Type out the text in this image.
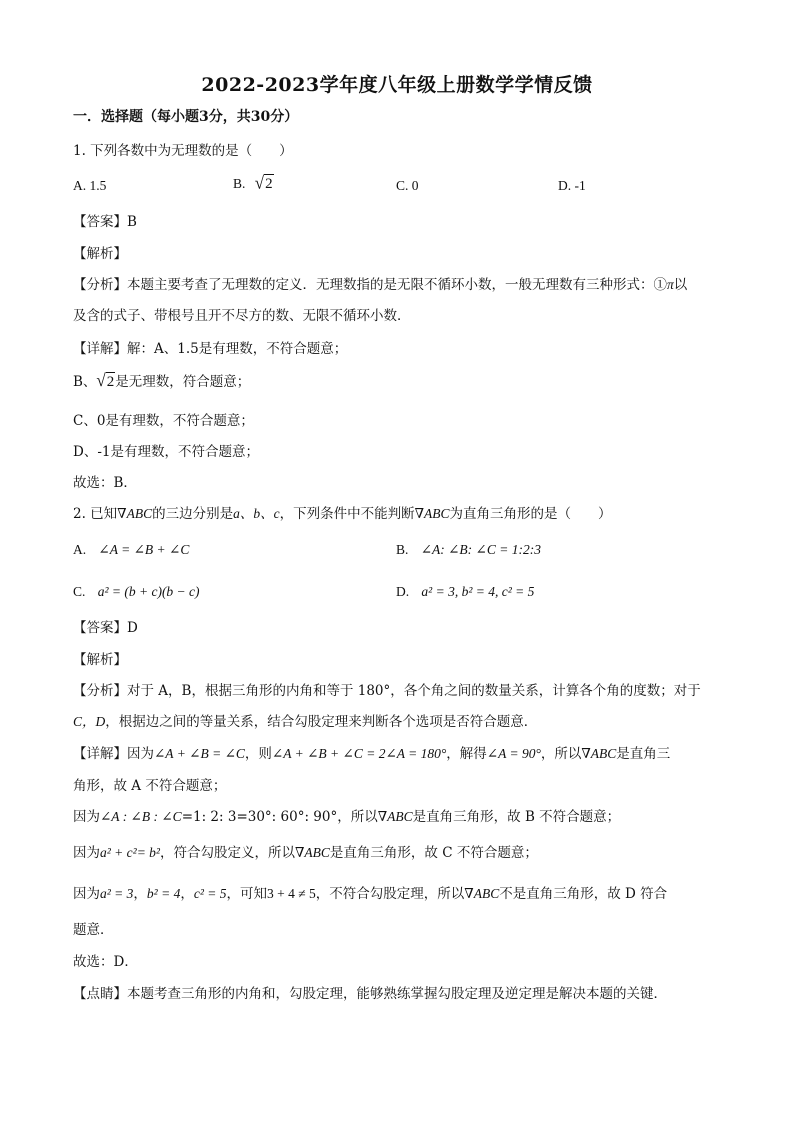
2022-2023学年度八年级上册数学学情反馈
一．选择题（每小题3分，共30分）
1. 下列各数中为无理数的是（　　）
A. 1.5	B. √2	C. 0	D. -1
【答案】B
【解析】
【分析】本题主要考查了无理数的定义．无理数指的是无限不循环小数，一般无理数有三种形式：①π以
及含的式子、带根号且开不尽方的数、无限不循环小数．
【详解】解：A、1.5是有理数，不符合题意；
B、√2是无理数，符合题意；
C、0是有理数，不符合题意；
D、-1是有理数，不符合题意；
故选：B．
2. 已知∇ABC的三边分别是a、b、c，下列条件中不能判断∇ABC为直角三角形的是（　　）
A. ∠A = ∠B + ∠C	B. ∠A: ∠B: ∠C = 1:2:3
C. a² = (b + c)(b − c)	D. a² = 3, b² = 4, c² = 5
【答案】D
【解析】
【分析】对于 A，B，根据三角形的内角和等于 180°，各个角之间的数量关系，计算各个角的度数；对于
C，D，根据边之间的等量关系，结合勾股定理来判断各个选项是否符合题意．
【详解】因为∠A + ∠B = ∠C，则∠A + ∠B + ∠C = 2∠A = 180°，解得∠A = 90°，所以∇ABC是直角三
角形，故 A 不符合题意；
因为∠A : ∠B : ∠C=1: 2: 3=30°: 60°: 90°，所以∇ABC是直角三角形，故 B 不符合题意；
因为a² + c²= b²，符合勾股定义，所以∇ABC是直角三角形，故 C 不符合题意；
因为a² = 3，b² = 4，c² = 5，可知3 + 4 ≠ 5，不符合勾股定理，所以∇ABC不是直角三角形，故 D 符合
题意．
故选：D．
【点睛】本题考查三角形的内角和，勾股定理，能够熟练掌握勾股定理及逆定理是解决本题的关键．
